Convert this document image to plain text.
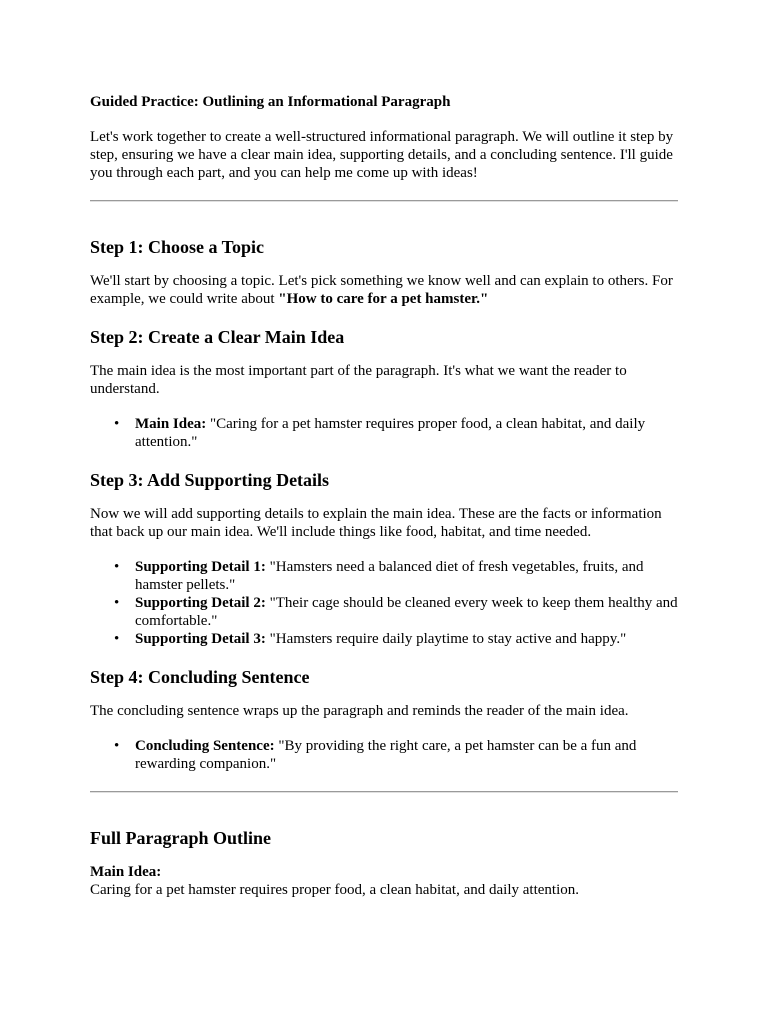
Guided Practice: Outlining an Informational Paragraph

Let's work together to create a well-structured informational paragraph. We will outline it step by step, ensuring we have a clear main idea, supporting details, and a concluding sentence. I'll guide you through each part, and you can help me come up with ideas!

Step 1: Choose a Topic

We'll start by choosing a topic. Let's pick something we know well and can explain to others. For example, we could write about "How to care for a pet hamster."

Step 2: Create a Clear Main Idea

The main idea is the most important part of the paragraph. It's what we want the reader to understand.

• Main Idea: "Caring for a pet hamster requires proper food, a clean habitat, and daily attention."
Step 3: Add Supporting Details

Now we will add supporting details to explain the main idea. These are the facts or information that back up our main idea. We'll include things like food, habitat, and time needed.

• Supporting Detail 1: "Hamsters need a balanced diet of fresh vegetables, fruits, and hamster pellets."
• Supporting Detail 2: "Their cage should be cleaned every week to keep them healthy and comfortable."
• Supporting Detail 3: "Hamsters require daily playtime to stay active and happy."
Step 4: Concluding Sentence

The concluding sentence wraps up the paragraph and reminds the reader of the main idea.

• Concluding Sentence: "By providing the right care, a pet hamster can be a fun and rewarding companion."
Full Paragraph Outline

Main Idea:

Caring for a pet hamster requires proper food, a clean habitat, and daily attention.
